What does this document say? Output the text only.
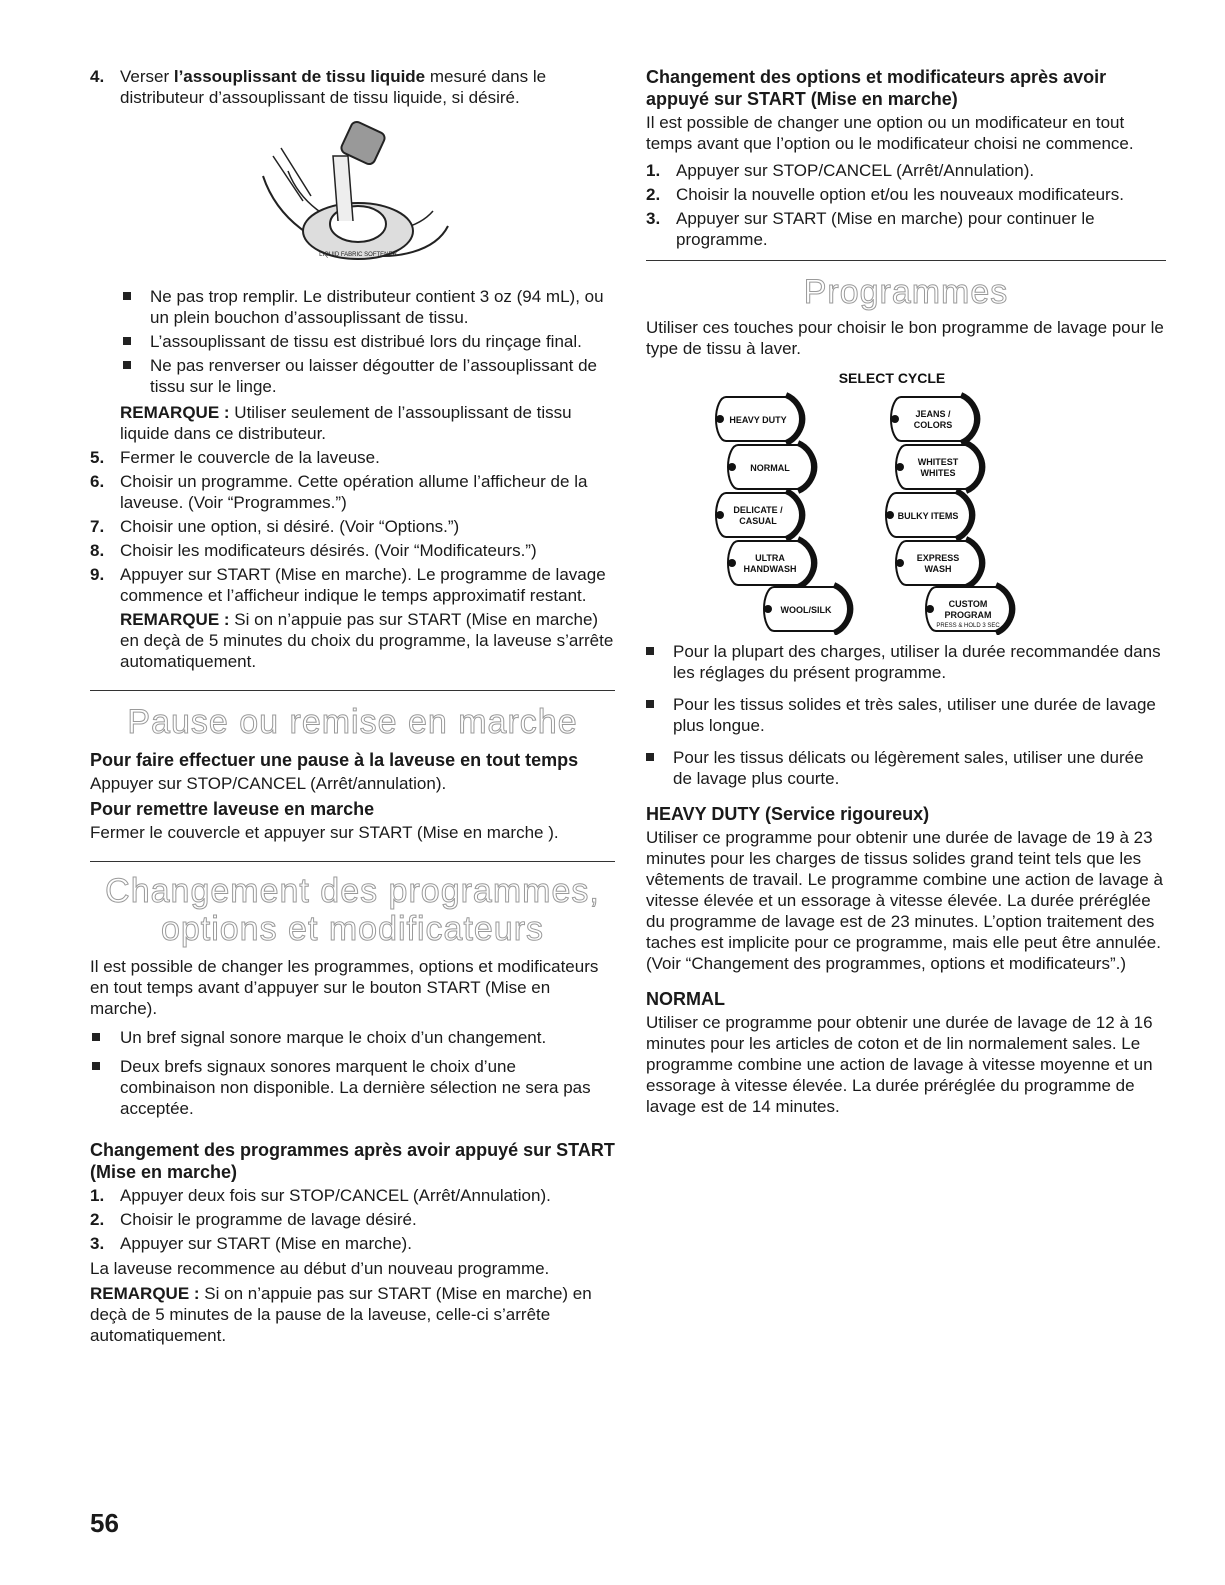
4. Verser l’assouplissant de tissu liquide mesuré dans le distributeur d’assouplissant de tissu liquide, si désiré.
LIQUID FABRIC SOFTENER
Ne pas trop remplir. Le distributeur contient 3 oz (94 mL), ou un plein bouchon d’assouplissant de tissu.
L’assouplissant de tissu est distribué lors du rinçage final.
Ne pas renverser ou laisser dégoutter de l’assouplissant de tissu sur le linge.

REMARQUE : Utiliser seulement de l’assouplissant de tissu liquide dans ce distributeur.

5. Fermer le couvercle de la laveuse.
6. Choisir un programme. Cette opération allume l’afficheur de la laveuse. (Voir “Programmes.”)
7. Choisir une option, si désiré. (Voir “Options.”)
8. Choisir les modificateurs désirés. (Voir “Modificateurs.”)
9. Appuyer sur START (Mise en marche). Le programme de lavage commence et l’afficheur indique le temps approximatif restant.

REMARQUE : Si on n’appuie pas sur START (Mise en marche) en deçà de 5 minutes du choix du programme, la laveuse s’arrête automatiquement.

Pause ou remise en marche
Pour faire effectuer une pause à la laveuse en tout temps

Appuyer sur STOP/CANCEL (Arrêt/annulation).

Pour remettre laveuse en marche

Fermer le couvercle et appuyer sur START (Mise en marche ).

Changement des programmes,
options et modificateurs

Il est possible de changer les programmes, options et modificateurs en tout temps avant d’appuyer sur le bouton START (Mise en marche).

Un bref signal sonore marque le choix d’un changement.
Deux brefs signaux sonores marquent le choix d’une combinaison non disponible. La dernière sélection ne sera pas acceptée.
Changement des programmes après avoir appuyé sur START (Mise en marche)
1. Appuyer deux fois sur STOP/CANCEL (Arrêt/Annulation).
2. Choisir le programme de lavage désiré.
3. Appuyer sur START (Mise en marche).

La laveuse recommence au début d’un nouveau programme.

REMARQUE : Si on n’appuie pas sur START (Mise en marche) en deçà de 5 minutes de la pause de la laveuse, celle-ci s’arrête automatiquement.

Changement des options et modificateurs après avoir appuyé sur START (Mise en marche)

Il est possible de changer une option ou un modificateur en tout temps avant que l’option ou le modificateur choisi ne commence.

1. Appuyer sur STOP/CANCEL (Arrêt/Annulation).
2. Choisir la nouvelle option et/ou les nouveaux modificateurs.
3. Appuyer sur START (Mise en marche) pour continuer le programme.
Programmes

Utiliser ces touches pour choisir le bon programme de lavage pour le type de tissu à laver.

SELECT CYCLE
HEAVY DUTY
JEANS /
COLORS
NORMAL
WHITEST
WHITES
DELICATE /
CASUAL	BULKY ITEMS
ULTRA
HANDWASH
EXPRESS
WASH
WOOL/SILK
CUSTOM
PROGRAM
PRESS & HOLD 3 SEC
Pour la plupart des charges, utiliser la durée recommandée dans les réglages du présent programme.
Pour les tissus solides et très sales, utiliser une durée de lavage plus longue.
Pour les tissus délicats ou légèrement sales, utiliser une durée de lavage plus courte.
HEAVY DUTY (Service rigoureux)

Utiliser ce programme pour obtenir une durée de lavage de 19 à 23 minutes pour les charges de tissus solides grand teint tels que les vêtements de travail. Le programme combine une action de lavage à vitesse élevée et un essorage à vitesse élevée. La durée préréglée du programme de lavage est de 23 minutes. L’option traitement des taches est implicite pour ce programme, mais elle peut être annulée. (Voir “Changement des programmes, options et modificateurs”.)

NORMAL

Utiliser ce programme pour obtenir une durée de lavage de 12 à 16 minutes pour les articles de coton et de lin normalement sales. Le programme combine une action de lavage à vitesse moyenne et un essorage à vitesse élevée. La durée préréglée du programme de lavage est de 14 minutes.

56
